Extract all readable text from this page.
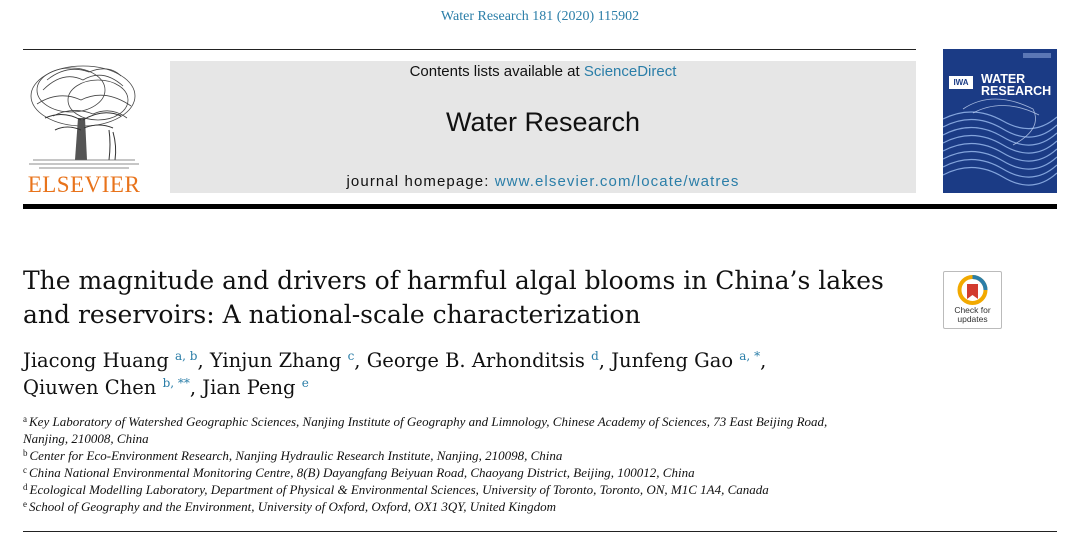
Water Research 181 (2020) 115902
ELSEVIER
Contents lists available at ScienceDirect
Water Research
journal homepage: www.elsevier.com/locate/watres
IWA WATER
RESEARCH
The magnitude and drivers of harmful algal blooms in China’s lakes
and reservoirs: A national-scale characterization	Check for
updates
Jiacong Huang $^{a, b}$, Yinjun Zhang $^c$, George B. Arhonditsis $^d$, Junfeng Gao $^{a, *}$,
Qiuwen Chen $^{b, **}$, Jian Peng $^e$
$^a$ Key Laboratory of Watershed Geographic Sciences, Nanjing Institute of Geography and Limnology, Chinese Academy of Sciences, 73 East Beijing Road,
Nanjing, 210008, China
$^b$ Center for Eco-Environment Research, Nanjing Hydraulic Research Institute, Nanjing, 210098, China
$^c$ China National Environmental Monitoring Centre, 8(B) Dayangfang Beiyuan Road, Chaoyang District, Beijing, 100012, China
$^d$ Ecological Modelling Laboratory, Department of Physical & Environmental Sciences, University of Toronto, Toronto, ON, M1C 1A4, Canada
$^e$ School of Geography and the Environment, University of Oxford, Oxford, OX1 3QY, United Kingdom
